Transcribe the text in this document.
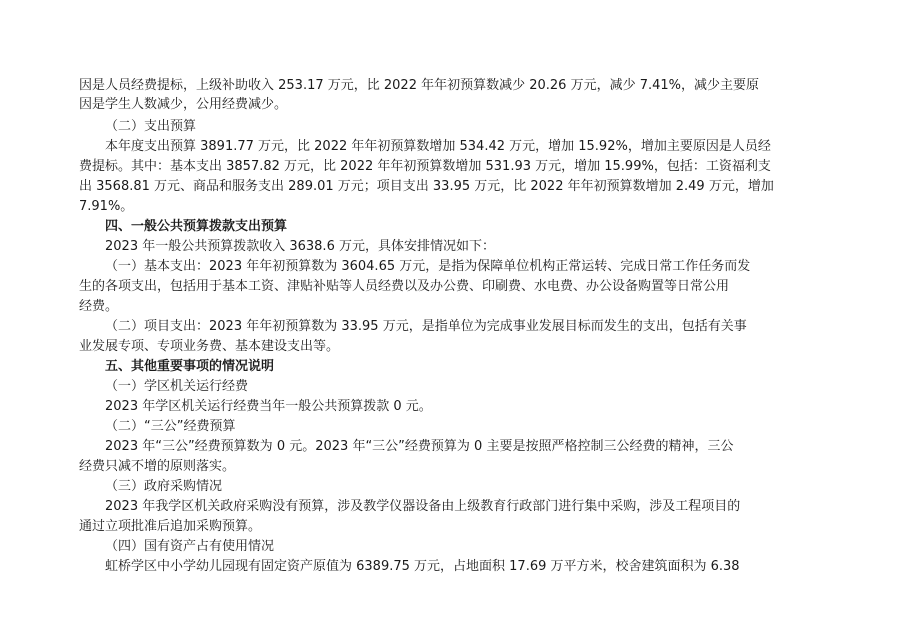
因是人员经费提标，上级补助收入 253.17 万元，比 2022 年年初预算数减少 20.26 万元，减少 7.41%，减少主要原
因是学生人数减少，公用经费减少。
（二）支出预算
本年度支出预算 3891.77 万元，比 2022 年年初预算数增加 534.42 万元，增加 15.92%，增加主要原因是人员经
费提标。其中：基本支出 3857.82 万元，比 2022 年年初预算数增加 531.93 万元，增加 15.99%，包括：工资福利支
出 3568.81 万元、商品和服务支出 289.01 万元；项目支出 33.95 万元，比 2022 年年初预算数增加 2.49 万元，增加
7.91%。
四、一般公共预算拨款支出预算
2023 年一般公共预算拨款收入 3638.6 万元，具体安排情况如下：
（一）基本支出：2023 年年初预算数为 3604.65 万元，是指为保障单位机构正常运转、完成日常工作任务而发
生的各项支出，包括用于基本工资、津贴补贴等人员经费以及办公费、印刷费、水电费、办公设备购置等日常公用
经费。
（二）项目支出：2023 年年初预算数为 33.95 万元，是指单位为完成事业发展目标而发生的支出，包括有关事
业发展专项、专项业务费、基本建设支出等。
五、其他重要事项的情况说明
（一）学区机关运行经费
2023 年学区机关运行经费当年一般公共预算拨款 0 元。
（二）“三公”经费预算
2023 年“三公”经费预算数为 0 元。2023 年“三公”经费预算为 0 主要是按照严格控制三公经费的精神，三公
经费只减不增的原则落实。
（三）政府采购情况
2023 年我学区机关政府采购没有预算，涉及教学仪器设备由上级教育行政部门进行集中采购，涉及工程项目的
通过立项批准后追加采购预算。
（四）国有资产占有使用情况
虹桥学区中小学幼儿园现有固定资产原值为 6389.75 万元，占地面积 17.69 万平方米，校舍建筑面积为 6.38
